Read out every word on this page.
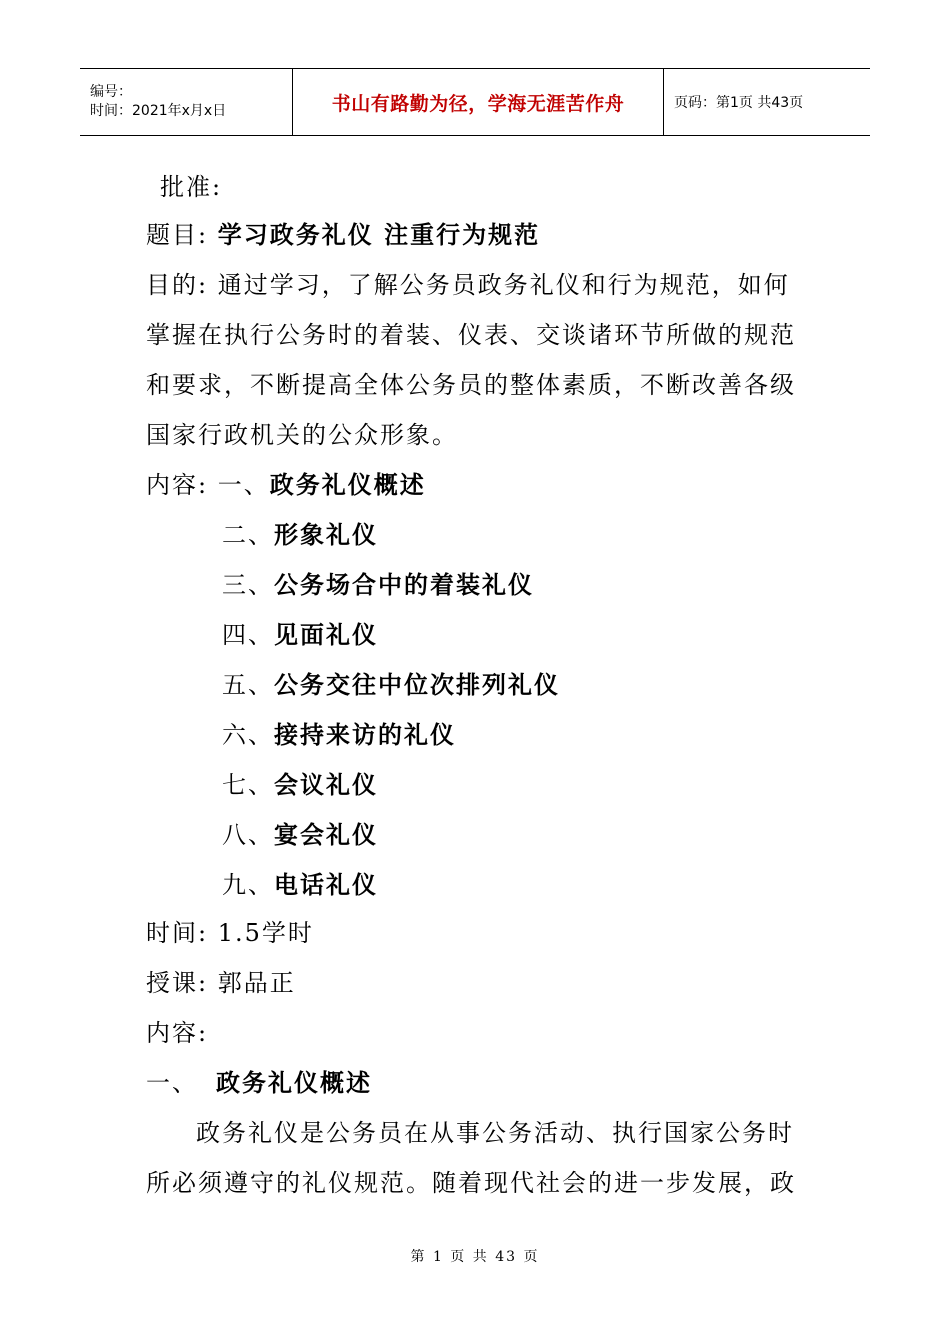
编号：
时间：2021年x月x日	书山有路勤为径，学海无涯苦作舟	页码：第1页 共43页
批准:
题目: 学习政务礼仪 注重行为规范
目的: 通过学习，了解公务员政务礼仪和行为规范，如何
掌握在执行公务时的着装、仪表、交谈诸环节所做的规范
和要求，不断提高全体公务员的整体素质，不断改善各级
国家行政机关的公众形象。
内容: 一、政务礼仪概述
二、形象礼仪
三、公务场合中的着装礼仪
四、见面礼仪
五、公务交往中位次排列礼仪
六、接持来访的礼仪
七、会议礼仪
八、宴会礼仪
九、电话礼仪
时间: 1.5学时
授课: 郭品正
内容:
一、 政务礼仪概述
政务礼仪是公务员在从事公务活动、执行国家公务时
所必须遵守的礼仪规范。随着现代社会的进一步发展，政
第 1 页 共 43 页
